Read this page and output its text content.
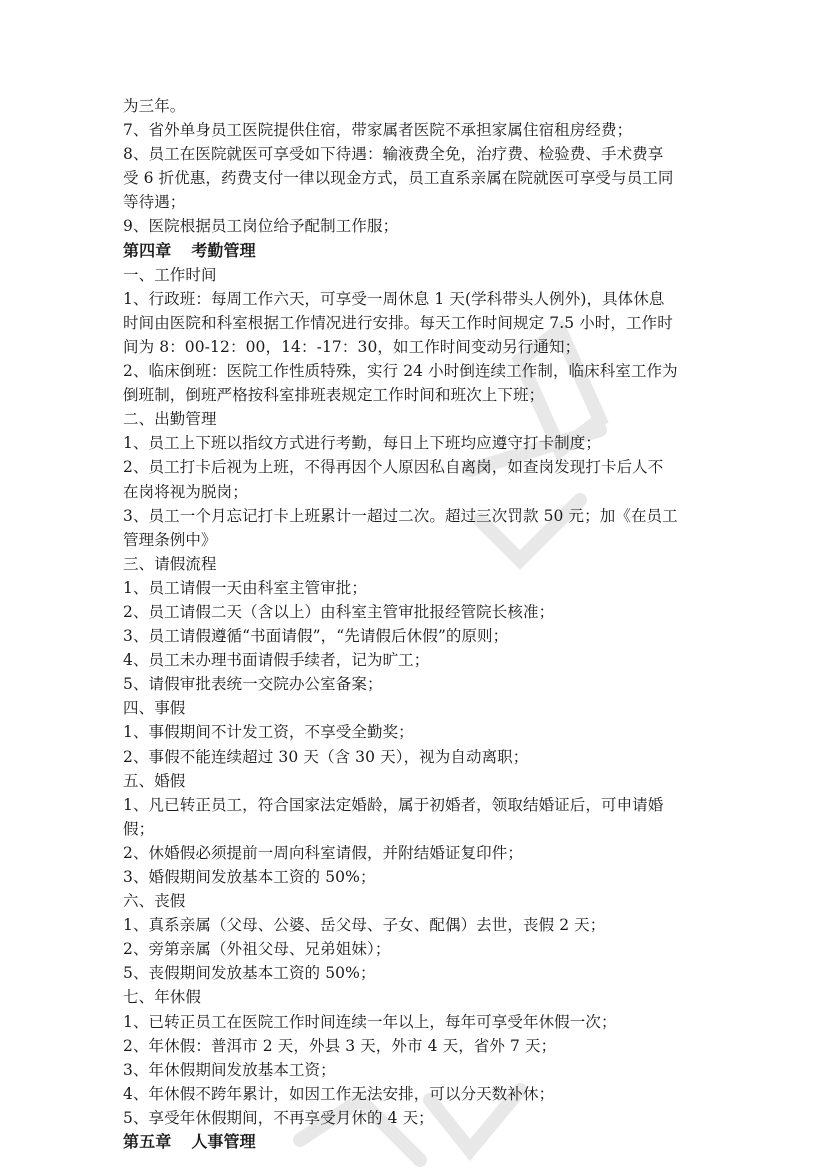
为三年。
7、省外单身员工医院提供住宿，带家属者医院不承担家属住宿租房经费；
8、员工在医院就医可享受如下待遇：输液费全免，治疗费、检验费、手术费享
受 6 折优惠，药费支付一律以现金方式，员工直系亲属在院就医可享受与员工同
等待遇；
9、医院根据员工岗位给予配制工作服；
第四章 考勤管理
一、工作时间
1、行政班：每周工作六天，可享受一周休息 1 天(学科带头人例外)，具体休息
时间由医院和科室根据工作情况进行安排。每天工作时间规定 7.5 小时，工作时
间为 8：00-12：00，14：-17：30，如工作时间变动另行通知；
2、临床倒班：医院工作性质特殊，实行 24 小时倒连续工作制，临床科室工作为
倒班制，倒班严格按科室排班表规定工作时间和班次上下班；
二、出勤管理
1、员工上下班以指纹方式进行考勤，每日上下班均应遵守打卡制度；
2、员工打卡后视为上班，不得再因个人原因私自离岗，如查岗发现打卡后人不
在岗将视为脱岗；
3、员工一个月忘记打卡上班累计一超过二次。超过三次罚款 50 元；加《在员工
管理条例中》
三、请假流程
1、员工请假一天由科室主管审批；
2、员工请假二天（含以上）由科室主管审批报经管院长核准；
3、员工请假遵循“书面请假”，“先请假后休假”的原则；
4、员工未办理书面请假手续者，记为旷工；
5、请假审批表统一交院办公室备案；
四、事假
1、事假期间不计发工资，不享受全勤奖；
2、事假不能连续超过 30 天（含 30 天），视为自动离职；
五、婚假
1、凡已转正员工，符合国家法定婚龄，属于初婚者，领取结婚证后，可申请婚
假；
2、休婚假必须提前一周向科室请假，并附结婚证复印件；
3、婚假期间发放基本工资的 50%；
六、丧假
1、真系亲属（父母、公婆、岳父母、子女、配偶）去世，丧假 2 天；
2、旁第亲属（外祖父母、兄弟姐妹）；
5、丧假期间发放基本工资的 50%；
七、年休假
1、已转正员工在医院工作时间连续一年以上，每年可享受年休假一次；
2、年休假：普洱市 2 天，外县 3 天，外市 4 天，省外 7 天；
3、年休假期间发放基本工资；
4、年休假不跨年累计，如因工作无法安排，可以分天数补休；
5、享受年休假期间，不再享受月休的 4 天；
第五章 人事管理
